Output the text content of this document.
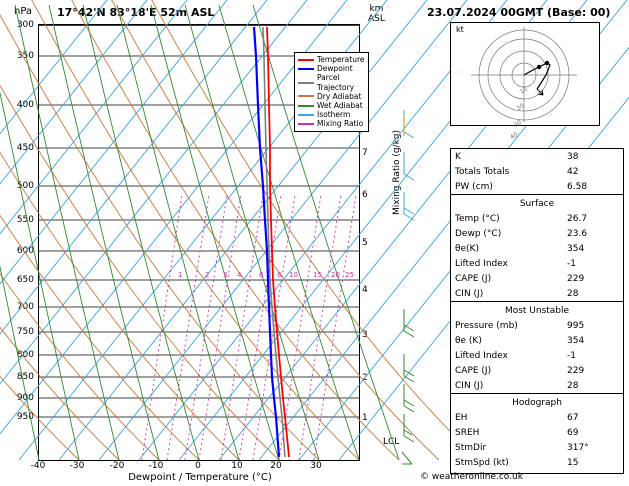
hPa 17°42'N 83°18'E 52m ASL	km
ASL
300
350
400
450
500
550
600
650
700
750
800
850
900
950	1
2
3
4
5
6
7
LCL
Mixing Ratio (g/kg)
-40	-30	-20	-10	0	10	20	30
Dewpoint / Temperature (°C)
1	2 3 4	6 8 10 15 20 25
Temperature
Dewpoint
Parcel Trajectory
Dry Adiabat
Wet Adiabat
Isotherm
Mixing Ratio
23.07.2024 00GMT (Base: 00)
kt
10
20
30
40
K	38
Totals Totals	42
PW (cm)	6.58
Surface	
Temp (°C)	26.7
Dewp (°C)	23.6
θe(K)	354
Lifted Index	-1
CAPE (J)	229
CIN (J)	28
Most Unstable	
Pressure (mb)	995
θe (K)	354
Lifted Index	-1
CAPE (J)	229
CIN (J)	28
Hodograph	
EH	67
SREH	69
StmDir	317°
StmSpd (kt)	15
© weatheronline.co.uk
